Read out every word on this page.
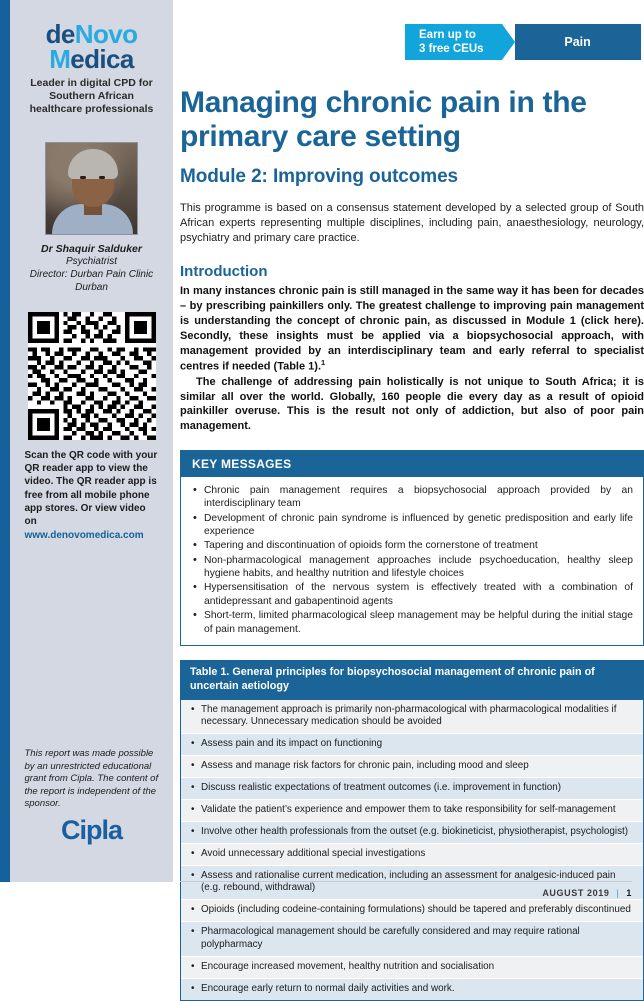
deNovo
Medica
Leader in digital CPD for Southern African healthcare professionals
Dr Shaquir Salduker
Psychiatrist
Director: Durban Pain Clinic
Durban
Scan the QR code with your QR reader app to view the video. The QR reader app is free from all mobile phone app stores. Or view video on www.denovomedica.com
This report was made possible by an unrestricted educational grant from Cipla. The content of the report is independent of the sponsor.
Cipla
Earn up to
3 free CEUs	Pain
Managing chronic pain in the primary care setting
Module 2: Improving outcomes

This programme is based on a consensus statement developed by a selected group of South African experts representing multiple disciplines, including pain, anaesthesiology, neurology, psychiatry and primary care practice.

Introduction

In many instances chronic pain is still managed in the same way it has been for decades – by prescribing painkillers only. The greatest challenge to improving pain management is understanding the concept of chronic pain, as discussed in Module 1 (click here). Secondly, these insights must be applied via a biopsychosocial approach, with management provided by an interdisciplinary team and early referral to specialist centres if needed (Table 1).$^1$

The challenge of addressing pain holistically is not unique to South Africa; it is similar all over the world. Globally, 160 people die every day as a result of opioid painkiller overuse. This is the result not only of addiction, but also of poor pain management.

KEY MESSAGES
• Chronic pain management requires a biopsychosocial approach provided by an interdisciplinary team
• Development of chronic pain syndrome is influenced by genetic predisposition and early life experience
• Tapering and discontinuation of opioids form the cornerstone of treatment
• Non-pharmacological management approaches include psychoeducation, healthy sleep hygiene habits, and healthy nutrition and lifestyle choices
• Hypersensitisation of the nervous system is effectively treated with a combination of antidepressant and gabapentinoid agents
• Short-term, limited pharmacological sleep management may be helpful during the initial stage of pain management.
Table 1. General principles for biopsychosocial management of chronic pain of uncertain aetiology
• The management approach is primarily non-pharmacological with pharmacological modalities if necessary. Unnecessary medication should be avoided
• Assess pain and its impact on functioning
• Assess and manage risk factors for chronic pain, including mood and sleep
• Discuss realistic expectations of treatment outcomes (i.e. improvement in function)
• Validate the patient’s experience and empower them to take responsibility for self-management
• Involve other health professionals from the outset (e.g. biokineticist, physiotherapist, psychologist)
• Avoid unnecessary additional special investigations
• Assess and rationalise current medication, including an assessment for analgesic-induced pain (e.g. rebound, withdrawal)
• Opioids (including codeine-containing formulations) should be tapered and preferably discontinued
• Pharmacological management should be carefully considered and may require rational polypharmacy
• Encourage increased movement, healthy nutrition and socialisation
• Encourage early return to normal daily activities and work.
AUGUST 2019 | 1
